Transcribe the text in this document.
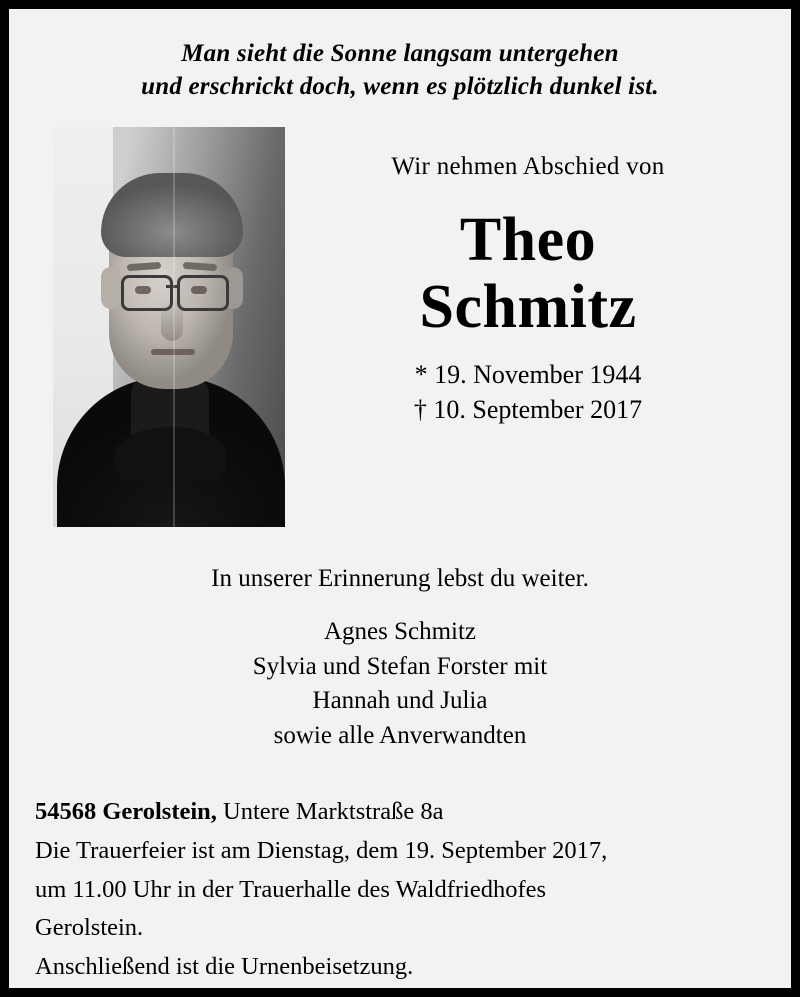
Man sieht die Sonne langsam untergehen
und erschrickt doch, wenn es plötzlich dunkel ist.
Wir nehmen Abschied von
Theo
Schmitz
* 19. November 1944
† 10. September 2017
In unserer Erinnerung lebst du weiter.
Agnes Schmitz
Sylvia und Stefan Forster mit
Hannah und Julia
sowie alle Anverwandten

54568 Gerolstein, Untere Marktstraße 8a

Die Trauerfeier ist am Dienstag, dem 19. September 2017,

um 11.00 Uhr in der Trauerhalle des Waldfriedhofes

Gerolstein.

Anschließend ist die Urnenbeisetzung.
